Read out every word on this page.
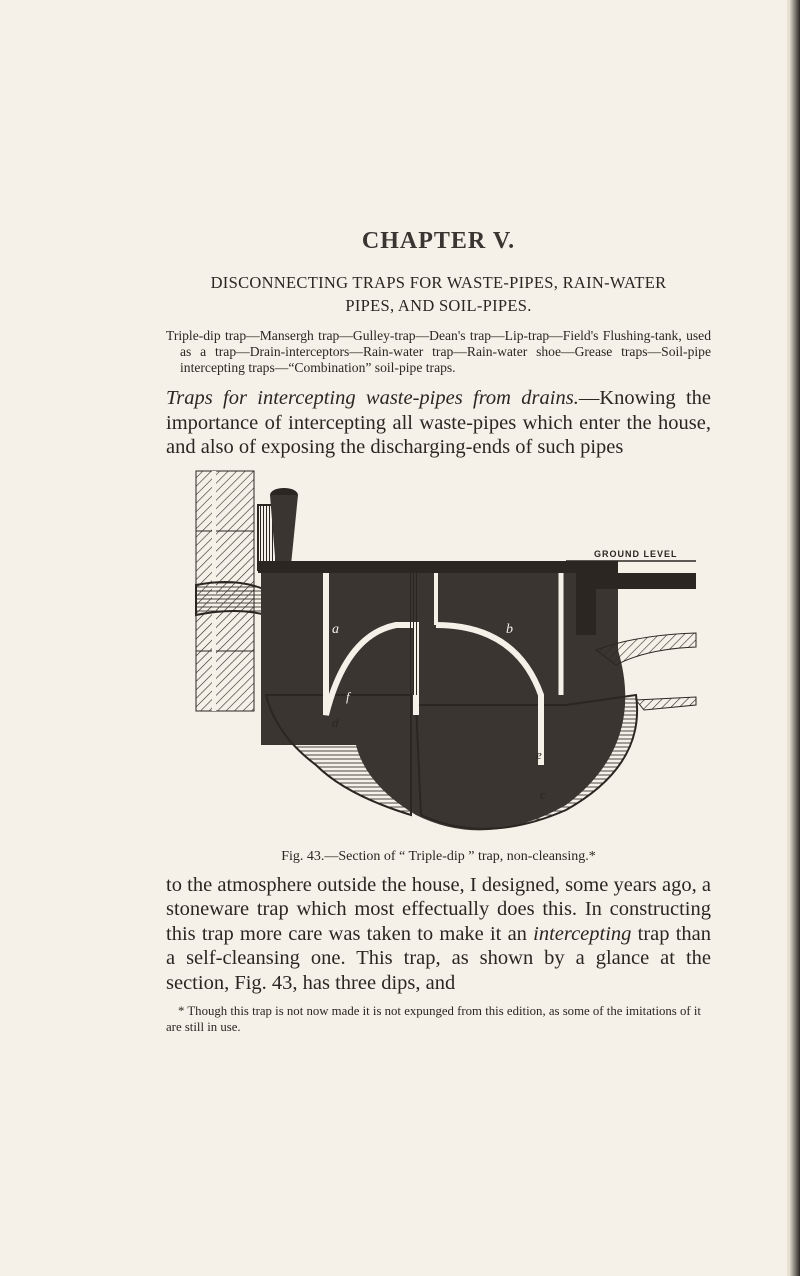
CHAPTER V.

DISCONNECTING TRAPS FOR WASTE-PIPES, RAIN-WATER
PIPES, AND SOIL-PIPES.

Triple-dip trap—Mansergh trap—Gulley-trap—Dean's trap—Lip-trap—Field's Flushing-tank, used as a trap—Drain-interceptors—Rain-water trap—Rain-water shoe—Grease traps—Soil-pipe intercepting traps—“Combination” soil-pipe traps.

Traps for intercepting waste-pipes from drains.—Knowing the importance of intercepting all waste-pipes which enter the house, and also of exposing the discharging-ends of such pipes

GROUND LEVEL
a	b
c
d
e
f

Fig. 43.—Section of “ Triple-dip ” trap, non-cleansing.*

to the atmosphere outside the house, I designed, some years ago, a stoneware trap which most effectually does this. In constructing this trap more care was taken to make it an intercepting trap than a self-cleansing one. This trap, as shown by a glance at the section, Fig. 43, has three dips, and

* Though this trap is not now made it is not expunged from this edition, as some of the imitations of it are still in use.
